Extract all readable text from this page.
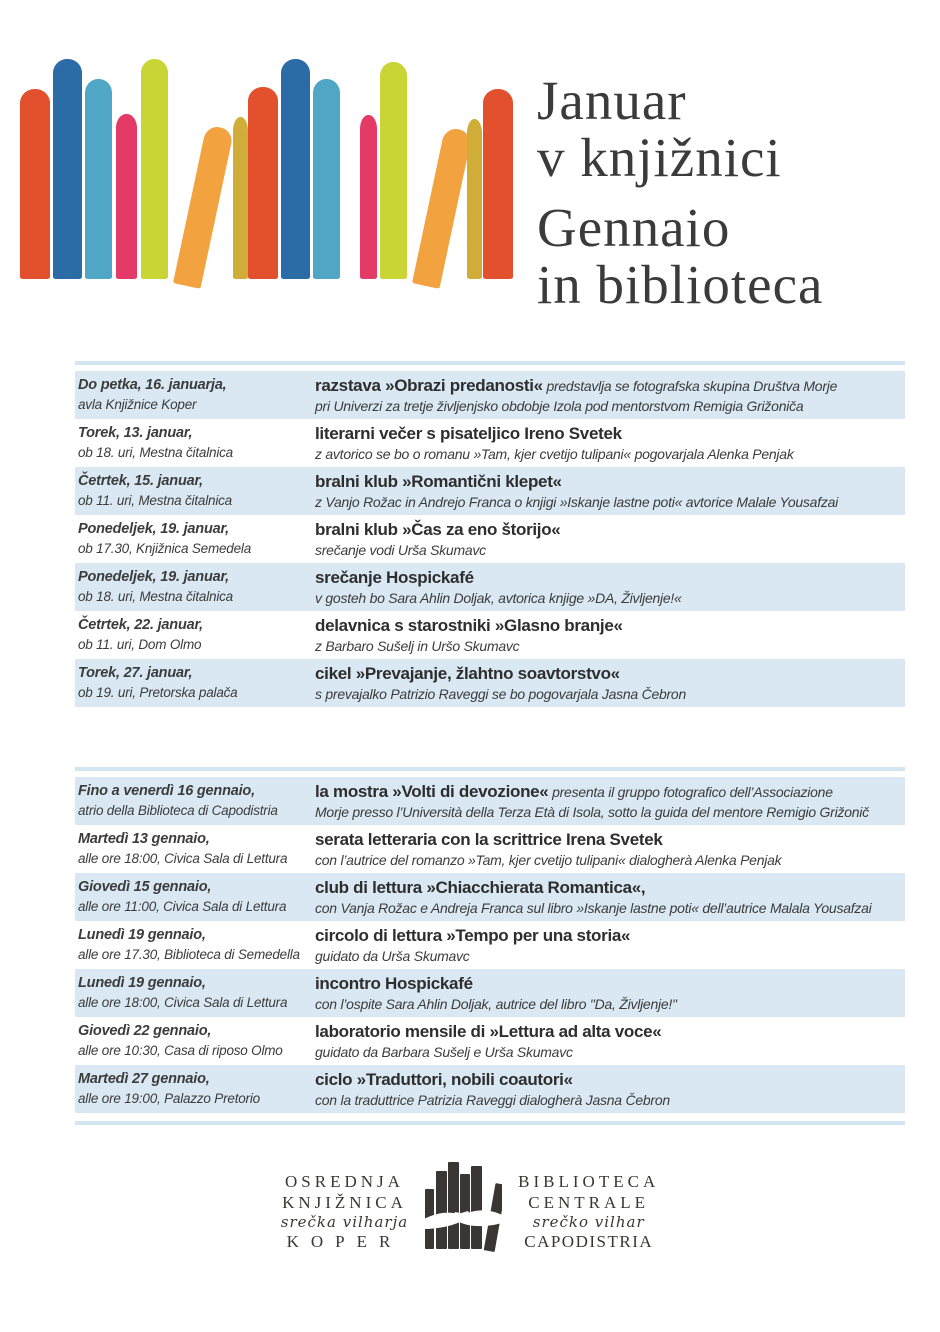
Januar
v knjižnici
Gennaio
in biblioteca
Do petka, 16. januarja,
avla Knjižnice Koper
razstava »Obrazi predanosti« predstavlja se fotografska skupina Društva Morje
pri Univerzi za tretje življenjsko obdobje Izola pod mentorstvom Remigia Grižoniča
Torek, 13. januar,
ob 18. uri, Mestna čitalnica
literarni večer s pisateljico Ireno Svetek
z avtorico se bo o romanu »Tam, kjer cvetijo tulipani« pogovarjala Alenka Penjak
Četrtek, 15. januar,
ob 11. uri, Mestna čitalnica
bralni klub »Romantični klepet«
z Vanjo Rožac in Andrejo Franca o knjigi »Iskanje lastne poti« avtorice Malale Yousafzai
Ponedeljek, 19. januar,
ob 17.30, Knjižnica Semedela
bralni klub »Čas za eno štorijo«
srečanje vodi Urša Skumavc
Ponedeljek, 19. januar,
ob 18. uri, Mestna čitalnica
srečanje Hospickafé
v gosteh bo Sara Ahlin Doljak, avtorica knjige »DA, Življenje!«
Četrtek, 22. januar,
ob 11. uri, Dom Olmo
delavnica s starostniki »Glasno branje«
z Barbaro Sušelj in Uršo Skumavc
Torek, 27. januar,
ob 19. uri, Pretorska palača
cikel »Prevajanje, žlahtno soavtorstvo«
s prevajalko Patrizio Raveggi se bo pogovarjala Jasna Čebron
Fino a venerdì 16 gennaio,
atrio della Biblioteca di Capodistria
la mostra »Volti di devozione« presenta il gruppo fotografico dell’Associazione
Morje presso l’Università della Terza Età di Isola, sotto la guida del mentore Remigio Grižonič
Martedì 13 gennaio,
alle ore 18:00, Civica Sala di Lettura
serata letteraria con la scrittrice Irena Svetek
con l’autrice del romanzo »Tam, kjer cvetijo tulipani« dialogherà Alenka Penjak
Giovedì 15 gennaio,
alle ore 11:00, Civica Sala di Lettura
club di lettura »Chiacchierata Romantica«,
con Vanja Rožac e Andreja Franca sul libro »Iskanje lastne poti« dell’autrice Malala Yousafzai
Lunedì 19 gennaio,
alle ore 17.30, Biblioteca di Semedella
circolo di lettura »Tempo per una storia«
guidato da Urša Skumavc
Lunedì 19 gennaio,
alle ore 18:00, Civica Sala di Lettura
incontro Hospickafé
con l’ospite Sara Ahlin Doljak, autrice del libro "Da, Življenje!"
Giovedì 22 gennaio,
alle ore 10:30, Casa di riposo Olmo
laboratorio mensile di »Lettura ad alta voce«
guidato da Barbara Sušelj e Urša Skumavc
Martedì 27 gennaio,
alle ore 19:00, Palazzo Pretorio
ciclo »Traduttori, nobili coautori«
con la traduttrice Patrizia Raveggi dialogherà Jasna Čebron
OSREDNJA
KNJIŽNICA
srečka vilharja
KOPER
BIBLIOTECA
CENTRALE
srečko vilhar
CAPODISTRIA
